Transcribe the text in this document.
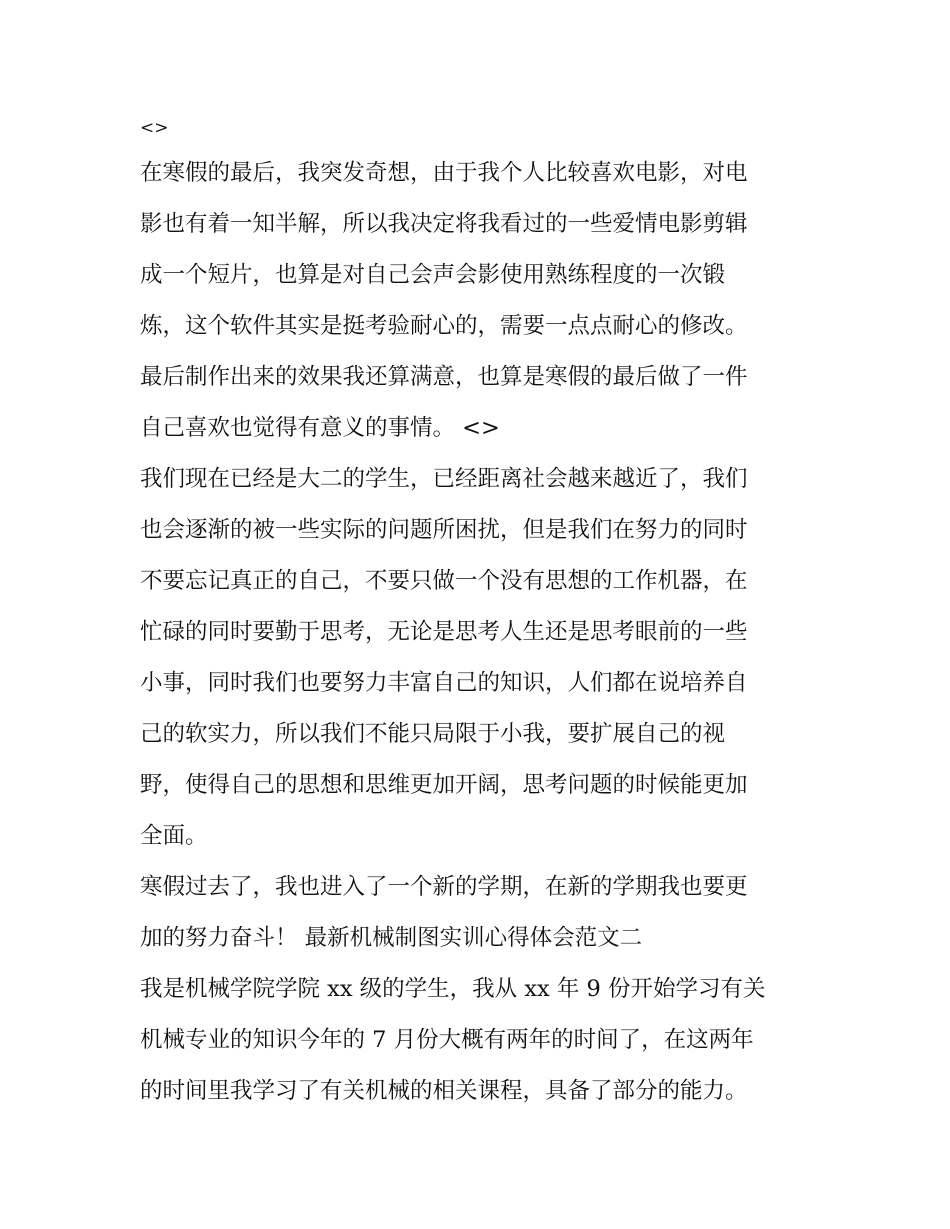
<>
在寒假的最后，我突发奇想，由于我个人比较喜欢电影，对电
影也有着一知半解，所以我决定将我看过的一些爱情电影剪辑
成一个短片，也算是对自己会声会影使用熟练程度的一次锻
炼，这个软件其实是挺考验耐心的，需要一点点耐心的修改。
最后制作出来的效果我还算满意，也算是寒假的最后做了一件
自己喜欢也觉得有意义的事情。 <>
我们现在已经是大二的学生，已经距离社会越来越近了，我们
也会逐渐的被一些实际的问题所困扰，但是我们在努力的同时
不要忘记真正的自己，不要只做一个没有思想的工作机器，在
忙碌的同时要勤于思考，无论是思考人生还是思考眼前的一些
小事，同时我们也要努力丰富自己的知识，人们都在说培养自
己的软实力，所以我们不能只局限于小我，要扩展自己的视
野，使得自己的思想和思维更加开阔，思考问题的时候能更加
全面。
寒假过去了，我也进入了一个新的学期，在新的学期我也要更
加的努力奋斗！ 最新机械制图实训心得体会范文二
我是机械学院学院 xx 级的学生，我从 xx 年 9 份开始学习有关
机械专业的知识今年的 7 月份大概有两年的时间了，在这两年
的时间里我学习了有关机械的相关课程，具备了部分的能力。
